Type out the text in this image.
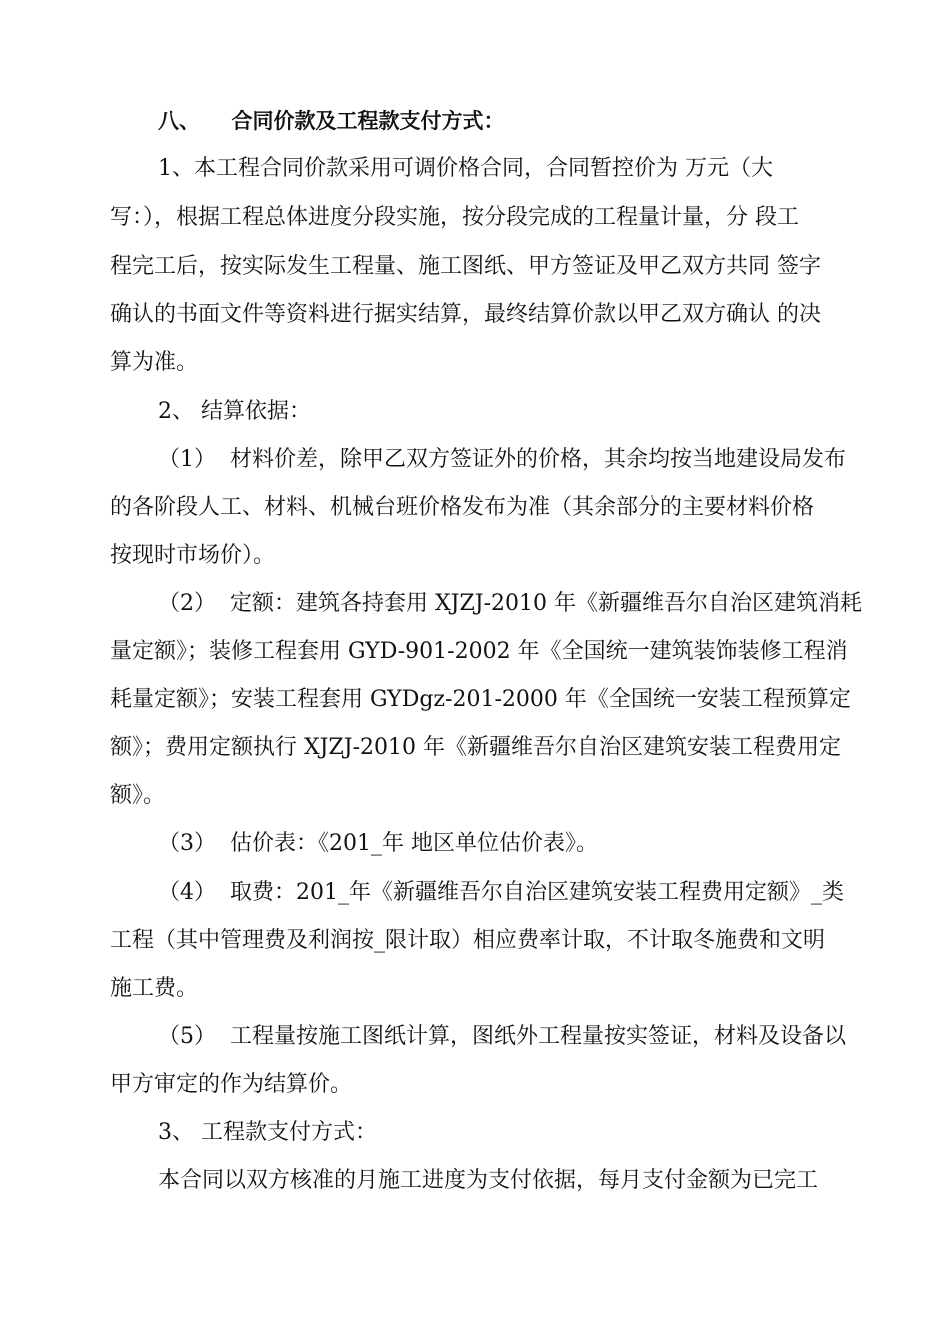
八、　　合同价款及工程款支付方式：
1、本工程合同价款采用可调价格合同，合同暂控价为 万元（大
写：），根据工程总体进度分段实施，按分段完成的工程量计量，分 段工
程完工后，按实际发生工程量、施工图纸、甲方签证及甲乙双方共同 签字
确认的书面文件等资料进行据实结算，最终结算价款以甲乙双方确认 的决
算为准。
2、 结算依据：
（1）  材料价差，除甲乙双方签证外的价格，其余均按当地建设局发布
的各阶段人工、材料、机械台班价格发布为准（其余部分的主要材料价格
按现时市场价）。
（2）  定额：建筑各持套用 XJZJ-2010 年《新疆维吾尔自治区建筑消耗
量定额》；装修工程套用 GYD-901-2002 年《全国统一建筑装饰装修工程消
耗量定额》；安装工程套用 GYDgz-201-2000 年《全国统一安装工程预算定
额》；费用定额执行 XJZJ-2010 年《新疆维吾尔自治区建筑安装工程费用定
额》。
（3）  估价表：《201_年 地区单位估价表》。
（4）  取费：201_年《新疆维吾尔自治区建筑安装工程费用定额》_类
工程（其中管理费及利润按_限计取）相应费率计取，不计取冬施费和文明
施工费。
（5）  工程量按施工图纸计算，图纸外工程量按实签证，材料及设备以
甲方审定的作为结算价。
3、 工程款支付方式：
本合同以双方核准的月施工进度为支付依据，每月支付金额为已完工
